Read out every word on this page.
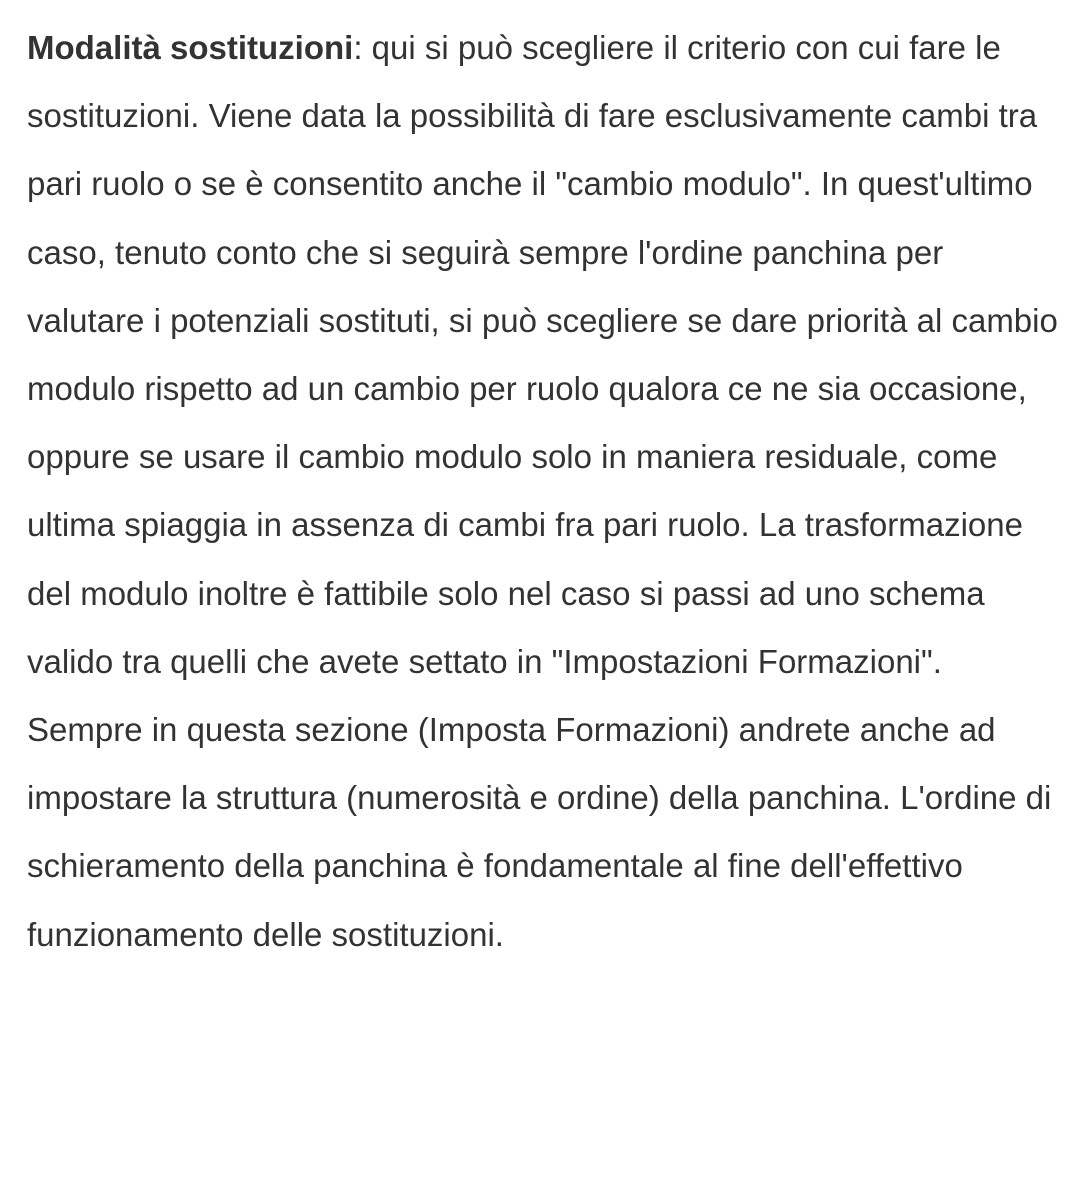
Modalità sostituzioni: qui si può scegliere il criterio con cui fare le sostituzioni. Viene data la possibilità di fare esclusivamente cambi tra pari ruolo o se è consentito anche il "cambio modulo". In quest'ultimo caso, tenuto conto che si seguirà sempre l'ordine panchina per valutare i potenziali sostituti, si può scegliere se dare priorità al cambio modulo rispetto ad un cambio per ruolo qualora ce ne sia occasione, oppure se usare il cambio modulo solo in maniera residuale, come ultima spiaggia in assenza di cambi fra pari ruolo. La trasformazione del modulo inoltre è fattibile solo nel caso si passi ad uno schema valido tra quelli che avete settato in "Impostazioni Formazioni". Sempre in questa sezione (Imposta Formazioni) andrete anche ad impostare la struttura (numerosità e ordine) della panchina. L'ordine di schieramento della panchina è fondamentale al fine dell'effettivo funzionamento delle sostituzioni.
